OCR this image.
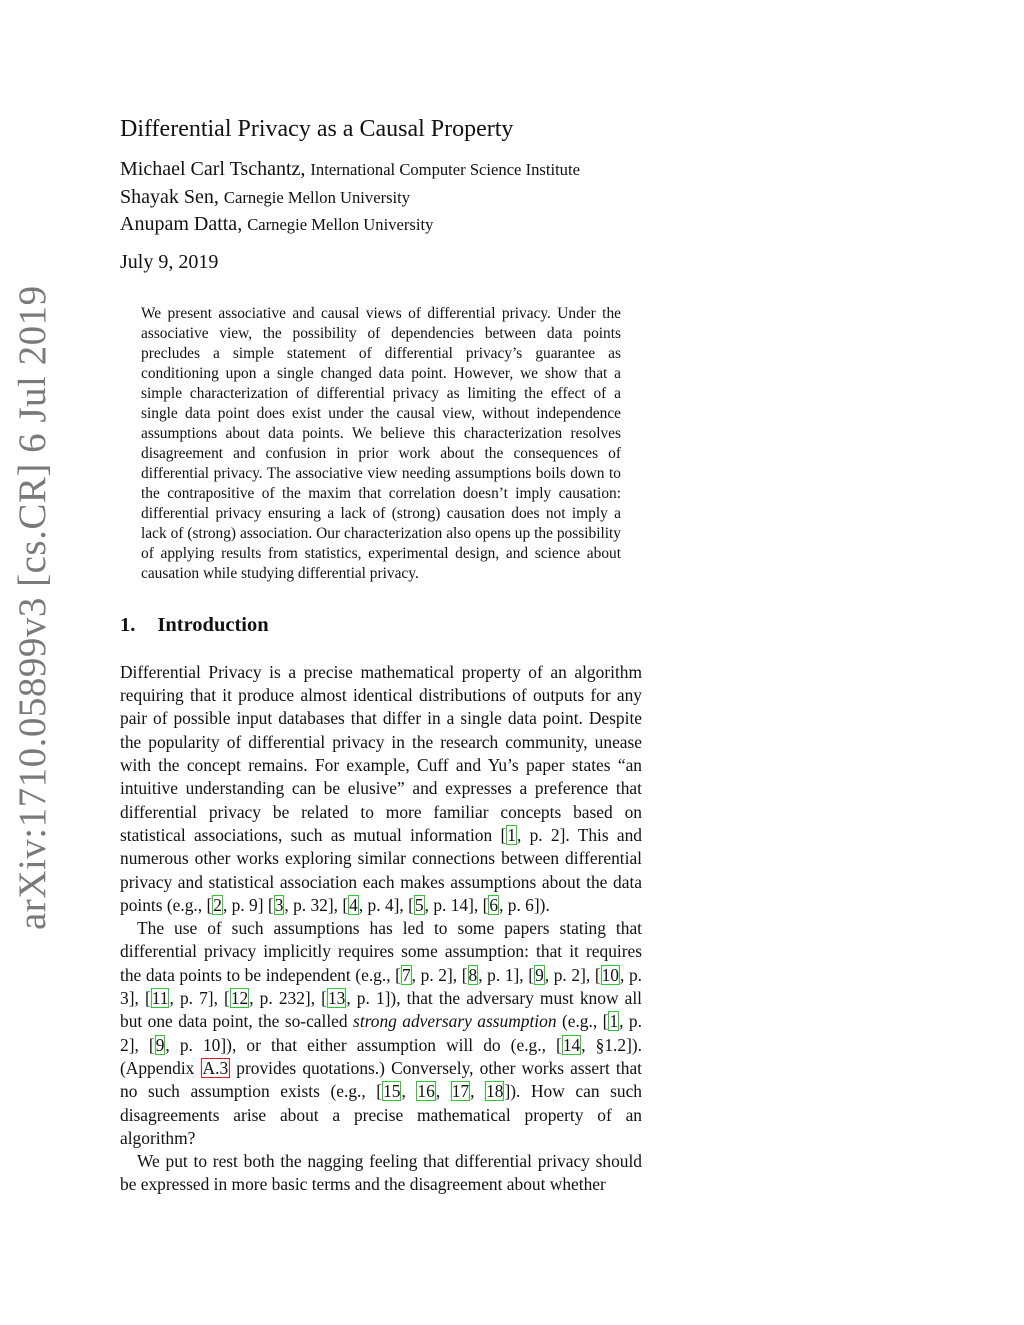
arXiv:1710.05899v3 [cs.CR] 6 Jul 2019
Differential Privacy as a Causal Property
Michael Carl Tschantz, International Computer Science Institute
Shayak Sen, Carnegie Mellon University
Anupam Datta, Carnegie Mellon University
July 9, 2019
We present associative and causal views of differential privacy. Under the associative view, the possibility of dependencies between data points precludes a simple statement of differential privacy’s guarantee as conditioning upon a single changed data point. However, we show that a simple characterization of differential privacy as limiting the effect of a single data point does exist under the causal view, without independence assumptions about data points. We believe this characterization resolves disagreement and confusion in prior work about the consequences of differential privacy. The associative view needing assumptions boils down to the contrapositive of the maxim that correlation doesn’t imply causation: differential privacy ensuring a lack of (strong) causation does not imply a lack of (strong) association. Our characterization also opens up the possibility of applying results from statistics, experimental design, and science about causation while studying differential privacy.
1. Introduction

Differential Privacy is a precise mathematical property of an algorithm requiring that it produce almost identical distributions of outputs for any pair of possible input databases that differ in a single data point. Despite the popularity of differential privacy in the research community, unease with the concept remains. For example, Cuff and Yu’s paper states “an intuitive understanding can be elusive” and expresses a preference that differential privacy be related to more familiar concepts based on statistical associations, such as mutual information [1, p. 2]. This and numerous other works exploring similar connections between differential privacy and statistical association each makes assumptions about the data points (e.g., [2, p. 9] [3, p. 32], [4, p. 4], [5, p. 14], [6, p. 6]).

The use of such assumptions has led to some papers stating that differential privacy implicitly requires some assumption: that it requires the data points to be independent (e.g., [7, p. 2], [8, p. 1], [9, p. 2], [10, p. 3], [11, p. 7], [12, p. 232], [13, p. 1]), that the adversary must know all but one data point, the so-called strong adversary assumption (e.g., [1, p. 2], [9, p. 10]), or that either assumption will do (e.g., [14, §1.2]). (Appendix A.3 provides quotations.) Conversely, other works assert that no such assumption exists (e.g., [15, 16, 17, 18]). How can such disagreements arise about a precise mathematical property of an algorithm?

We put to rest both the nagging feeling that differential privacy should be expressed in more basic terms and the disagreement about whether
